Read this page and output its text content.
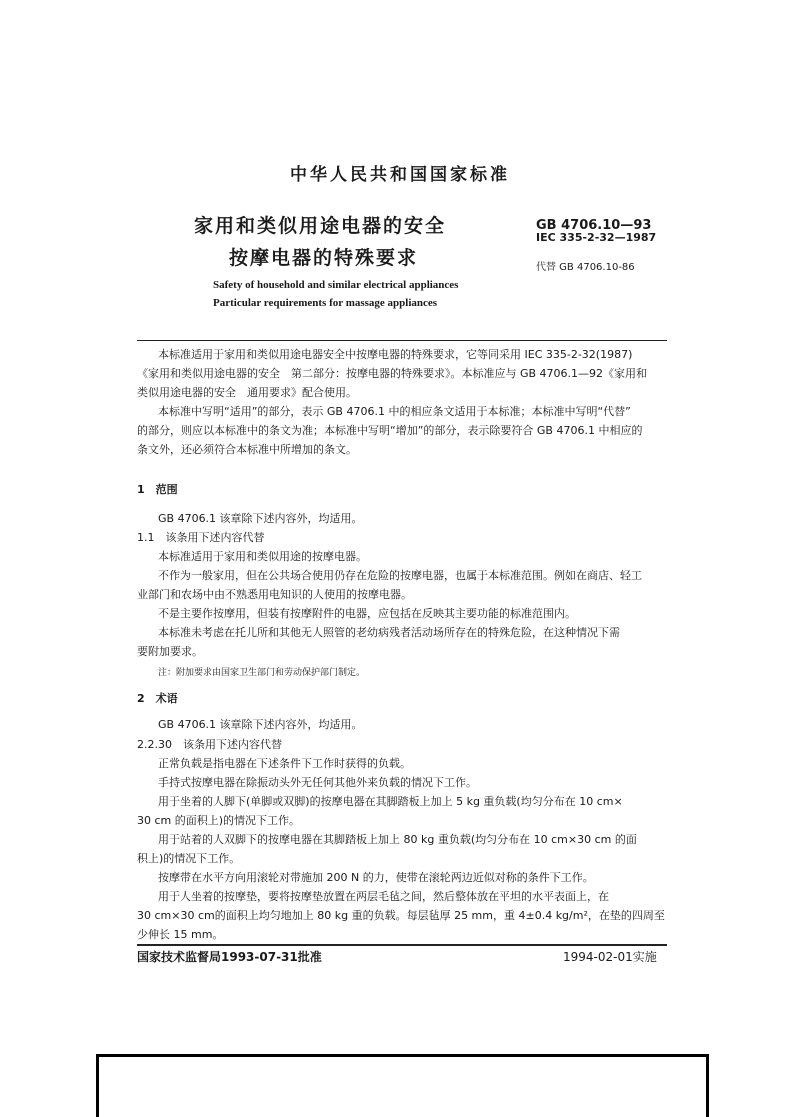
中华人民共和国国家标准
家用和类似用途电器的安全
按摩电器的特殊要求
GB 4706.10—93
IEC 335-2-32—1987
代替 GB 4706.10-86
Safety of household and similar electrical appliances
Particular requirements for massage appliances
本标准适用于家用和类似用途电器安全中按摩电器的特殊要求，它等同采用 IEC 335-2-32(1987)
《家用和类似用途电器的安全　第二部分：按摩电器的特殊要求》。本标准应与 GB 4706.1—92《家用和
类似用途电器的安全　通用要求》配合使用。
本标准中写明“适用”的部分，表示 GB 4706.1 中的相应条文适用于本标准；本标准中写明“代替”
的部分，则应以本标准中的条文为准；本标准中写明“增加”的部分，表示除要符合 GB 4706.1 中相应的
条文外，还必须符合本标准中所增加的条文。
1　范围
GB 4706.1 该章除下述内容外，均适用。
1.1　该条用下述内容代替
本标准适用于家用和类似用途的按摩电器。
不作为一般家用，但在公共场合使用仍存在危险的按摩电器，也属于本标准范围。例如在商店、轻工
业部门和农场中由不熟悉用电知识的人使用的按摩电器。
不是主要作按摩用，但装有按摩附件的电器，应包括在反映其主要功能的标准范围内。
本标准未考虑在托儿所和其他无人照管的老幼病残者活动场所存在的特殊危险，在这种情况下需
要附加要求。
注：附加要求由国家卫生部门和劳动保护部门制定。
2　术语
GB 4706.1 该章除下述内容外，均适用。
2.2.30　该条用下述内容代替
正常负载是指电器在下述条件下工作时获得的负载。
手持式按摩电器在除振动头外无任何其他外来负载的情况下工作。
用于坐着的人脚下(单脚或双脚)的按摩电器在其脚踏板上加上 5 kg 重负载(均匀分布在 10 cm×
30 cm 的面积上)的情况下工作。
用于站着的人双脚下的按摩电器在其脚踏板上加上 80 kg 重负载(均匀分布在 10 cm×30 cm 的面
积上)的情况下工作。
按摩带在水平方向用滚轮对带施加 200 N 的力，使带在滚轮两边近似对称的条件下工作。
用于人坐着的按摩垫，要将按摩垫放置在两层毛毡之间，然后整体放在平坦的水平表面上，在
30 cm×30 cm的面积上均匀地加上 80 kg 重的负载。每层毡厚 25 mm，重 4±0.4 kg/m²，在垫的四周至
少伸长 15 mm。
国家技术监督局1993-07-31批准	1994-02-01实施
